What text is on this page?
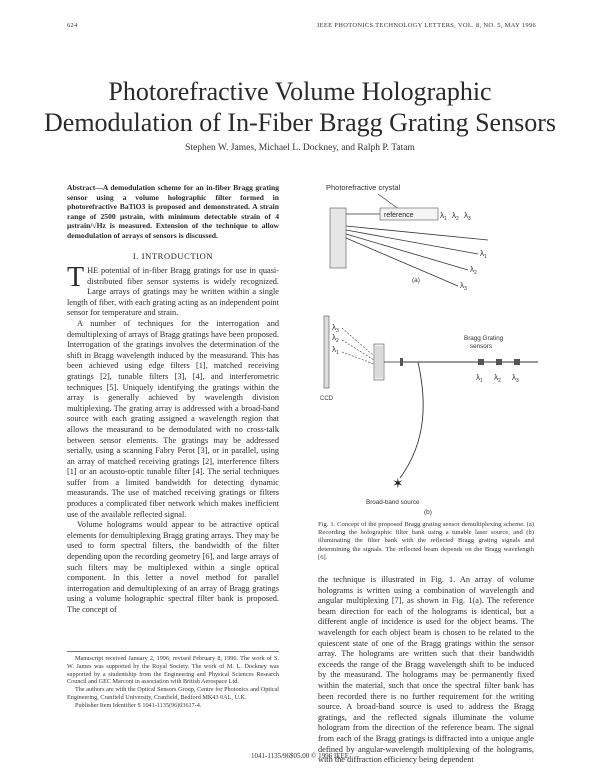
624	IEEE PHOTONICS TECHNOLOGY LETTERS, VOL. 8, NO. 5, MAY 1996
Photorefractive Volume Holographic Demodulation of In-Fiber Bragg Grating Sensors
Stephen W. James, Michael L. Dockney, and Ralph P. Tatam

Abstract—A demodulation scheme for an in-fiber Bragg grating sensor using a volume holographic filter formed in photorefractive BaTiO3 is proposed and demonstrated. A strain range of 2500 μstrain, with minimum detectable strain of 4 μstrain/√Hz is measured. Extension of the technique to allow demodulation of arrays of sensors is discussed.

I. INTRODUCTION

THE potential of in-fiber Bragg gratings for use in quasi-distributed fiber sensor systems is widely recognized. Large arrays of gratings may be written within a single length of fiber, with each grating acting as an independent point sensor for temperature and strain.

A number of techniques for the interrogation and demultiplexing of arrays of Bragg gratings have been proposed. Interrogation of the gratings involves the determination of the shift in Bragg wavelength induced by the measurand. This has been achieved using edge filters [1], matched receiving gratings [2], tunable filters [3], [4], and interferometric techniques [5]. Uniquely identifying the gratings within the array is generally achieved by wavelength division multiplexing. The grating array is addressed with a broad-band source with each grating assigned a wavelength region that allows the measurand to be demodulated with no cross-talk between sensor elements. The gratings may be addressed serially, using a scanning Fabry Perot [3], or in parallel, using an array of matched receiving gratings [2], interference filters [1] or an acousto-optic tunable filter [4]. The serial techniques suffer from a limited bandwidth for detecting dynamic measurands. The use of matched receiving gratings or filters produces a complicated fiber network which makes inefficient use of the available reflected signal.

Volume holograms would appear to be attractive optical elements for demultiplexing Bragg grating arrays. They may be used to form spectral filters, the bandwidth of the filter depending upon the recording geometry [6], and large arrays of such filters may be multiplexed within a single optical component. In this letter a novel method for parallel interrogation and demultiplexing of an array of Bragg gratings using a volume holographic spectral filter bank is proposed. The concept of

Manuscript received January 2, 1996; revised February 8, 1996. The work of S. W. James was supported by the Royal Society. The work of M. L. Dockney was supported by a studentship from the Engineering and Physical Sciences Research Council and GEC Marconi in association with British Aerospace Ltd.

The authors are with the Optical Sensors Group, Centre for Photonics and Optical Engineering, Cranfield University, Cranfield, Bedford MK43 0AL, U.K.

Publisher Item Identifier S 1041-1135(96)03617-4.

Photorefractive crystal
reference	$\lambda_1$ $\lambda_2$ $\lambda_3$
$\lambda_1$
$\lambda_2$
$\lambda_3$
(a)
CCD
$\lambda_3$
$\lambda_2$
$\lambda_1$
Bragg Grating
sensors
$\lambda_1$ $\lambda_2$ $\lambda_3$
✶
Broad-band source
(b)
Fig. 1. Concept of the proposed Bragg grating sensor demultiplexing scheme. (a) Recording the holographic filter bank using a tunable laser source, and (b) illuminating the filter bank with the reflected Bragg grating signals and determining the signals. The reflected beam depends on the Bragg wavelength [6].

the technique is illustrated in Fig. 1. An array of volume holograms is written using a combination of wavelength and angular multiplexing [7], as shown in Fig. 1(a). The reference beam direction for each of the holograms is identical, but a different angle of incidence is used for the object beams. The wavelength for each object beam is chosen to be related to the quiescent state of one of the Bragg gratings within the sensor array. The holograms are written such that their bandwidth exceeds the range of the Bragg wavelength shift to be induced by the measurand. The holograms may be permanently fixed within the material, such that once the spectral filter bank has been recorded there is no further requirement for the writing source. A broad-band source is used to address the Bragg gratings, and the reflected signals illuminate the volume hologram from the direction of the reference beam. The signal from each of the Bragg gratings is diffracted into a unique angle defined by angular-wavelength multiplexing of the holograms, with the diffraction efficiency being dependent

1041-1135/96$05.00 © 1996 IEEE
